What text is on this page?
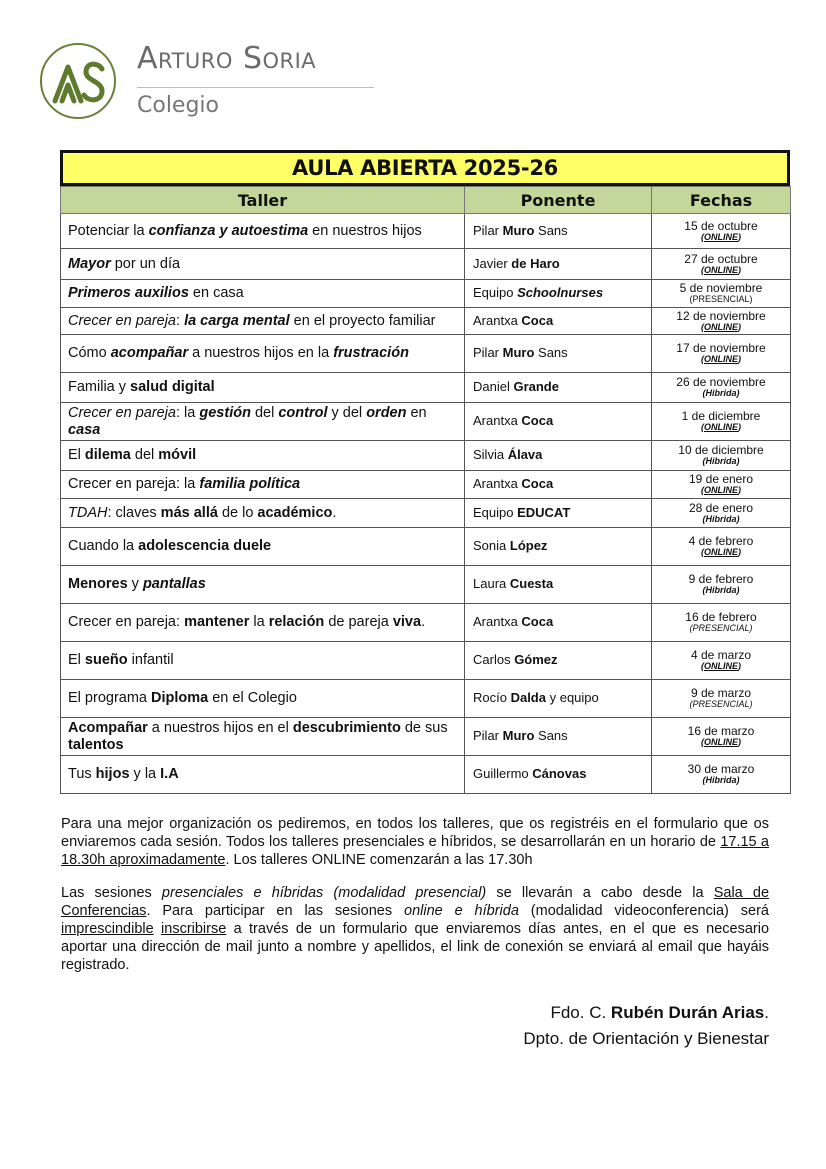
Arturo Soria
Colegio
AULA ABIERTA 2025-26
Taller	Ponente	Fechas
Potenciar la confianza y autoestima en nuestros hijos	Pilar Muro Sans	15 de octubre
(ONLINE)

Mayor por un día	Javier de Haro	27 de octubre
(ONLINE)

Primeros auxilios en casa	Equipo Schoolnurses	5 de noviembre
(PRESENCIAL)

Crecer en pareja: la carga mental en el proyecto familiar	Arantxa Coca	12 de noviembre
(ONLINE)

Cómo acompañar a nuestros hijos en la frustración	Pilar Muro Sans	17 de noviembre
(ONLINE)

Familia y salud digital	Daniel Grande	26 de noviembre
(Hibrida)

Crecer en pareja: la gestión del control y del orden en casa	Arantxa Coca	1 de diciembre
(ONLINE)

El dilema del móvil	Silvia Álava	10 de diciembre
(Hibrida)

Crecer en pareja: la familia política	Arantxa Coca	19 de enero
(ONLINE)

TDAH: claves más allá de lo académico.	Equipo EDUCAT	28 de enero
(Hibrida)

Cuando la adolescencia duele	Sonia López	4 de febrero
(ONLINE)

Menores y pantallas	Laura Cuesta	9 de febrero
(Hibrida)

Crecer en pareja: mantener la relación de pareja viva.	Arantxa Coca	16 de febrero
(PRESENCIAL)

El sueño infantil	Carlos Gómez	4 de marzo
(ONLINE)

El programa Diploma en el Colegio	Rocío Dalda y equipo	9 de marzo
(PRESENCIAL)

Acompañar a nuestros hijos en el descubrimiento de sus talentos	Pilar Muro Sans	16 de marzo
(ONLINE)

Tus hijos y la I.A	Guillermo Cánovas	30 de marzo
(Hibrida)
Para una mejor organización os pediremos, en todos los talleres, que os registréis en el formulario que os enviaremos cada sesión. Todos los talleres presenciales e híbridos, se desarrollarán en un horario de 17.15 a 18.30h aproximadamente. Los talleres ONLINE comenzarán a las 17.30h
Las sesiones presenciales e híbridas (modalidad presencial) se llevarán a cabo desde la Sala de Conferencias. Para participar en las sesiones online e híbrida (modalidad videoconferencia) será imprescindible inscribirse a través de un formulario que enviaremos días antes, en el que es necesario aportar una dirección de mail junto a nombre y apellidos, el link de conexión se enviará al email que hayáis registrado.
Fdo. C. Rubén Durán Arias.
Dpto. de Orientación y Bienestar
